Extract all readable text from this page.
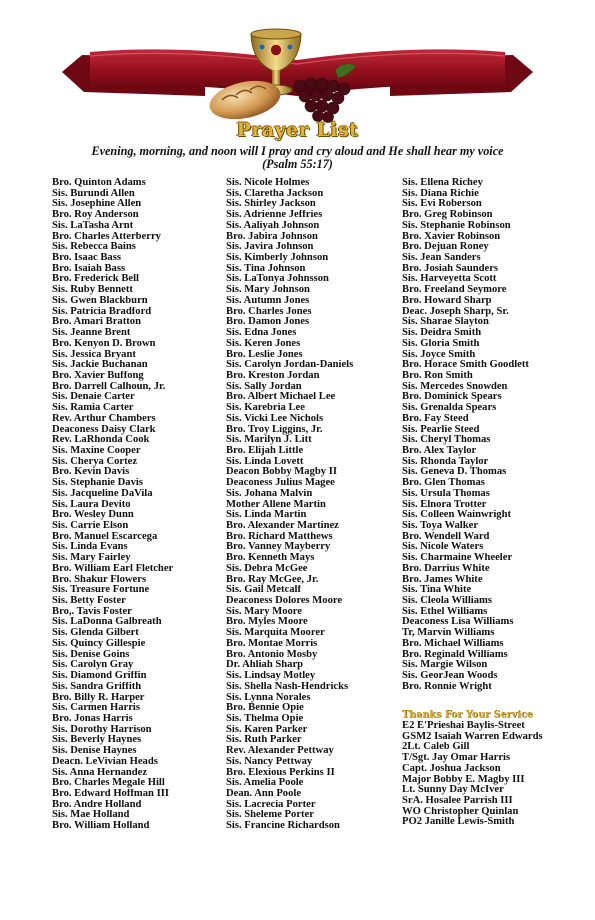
Prayer List
Evening, morning, and noon will I pray and cry aloud and He shall hear my voice
(Psalm 55:17)
Bro. Quinton Adams
Sis. Burundi Allen
Sis. Josephine Allen
Bro. Roy Anderson
Sis. LaTasha Arnt
Bro. Charles Atterberry
Sis. Rebecca Bains
Bro. Isaac Bass
Bro. Isaiah Bass
Bro. Frederick Bell
Sis. Ruby Bennett
Sis. Gwen Blackburn
Sis. Patricia Bradford
Bro. Amari Bratton
Sis. Jeanne Brent
Bro. Kenyon D. Brown
Sis. Jessica Bryant
Sis. Jackie Buchanan
Bro. Xavier Buffong
Bro. Darrell Calhoun, Jr.
Sis. Denaie Carter
Sis. Ramia Carter
Rev. Arthur Chambers
Deaconess Daisy Clark
Rev. LaRhonda Cook
Sis. Maxine Cooper
Sis. Cherya Cortez
Bro. Kevin Davis
Sis. Stephanie Davis
Sis. Jacqueline DaVila
Sis. Laura Devito
Bro. Wesley Dunn
Sis. Carrie Elson
Bro. Manuel Escarcega
Sis. Linda Evans
Sis. Mary Fairley
Bro. William Earl Fletcher
Bro. Shakur Flowers
Sis. Treasure Fortune
Sis. Betty Foster
Bro,. Tavis Foster
Sis. LaDonna Galbreath
Sis. Glenda Gilbert
Sis. Quincy Gillespie
Sis. Denise Goins
Sis. Carolyn Gray
Sis. Diamond Griffin
Sis. Sandra Griffith
Bro. Billy R. Harper
Sis. Carmen Harris
Bro. Jonas Harris
Sis. Dorothy Harrison
Sis. Beverly Haynes
Sis. Denise Haynes
Deacn. LeVivian Heads
Sis. Anna Hernandez
Bro. Charles Megale Hill
Bro. Edward Hoffman III
Bro. Andre Holland
Sis. Mae Holland
Bro. William Holland
Sis. Nicole Holmes
Sis. Claretha Jackson
Sis. Shirley Jackson
Sis. Adrienne Jeffries
Sis. Aaliyah Johnson
Bro. Jabira Johnson
Sis. Javira Johnson
Sis. Kimberly Johnson
Sis. Tina Johnson
Sis. LaTonya Johnsson
Sis. Mary Johnson
Sis. Autumn Jones
Bro. Charles Jones
Bro. Damon Jones
Sis. Edna Jones
Sis. Keren Jones
Bro. Leslie Jones
Sis. Carolyn Jordan-Daniels
Bro. Kreston Jordan
Sis. Sally Jordan
Bro. Albert Michael Lee
Sis. Karebria Lee
Sis. Vicki Lee Nichols
Bro. Troy Liggins, Jr.
Sis. Marilyn J. Litt
Bro. Elijah Little
Sis. Linda Lovett
Deacon Bobby Magby II
Deaconess Julius Magee
Sis. Johana Malvin
Mother Allene Martin
Sis. Linda Martin
Bro. Alexander Martinez
Bro. Richard Matthews
Bro. Vanney Mayberry
Bro. Kenneth Mays
Sis. Debra McGee
Bro. Ray McGee, Jr.
Sis. Gail Metcalf
Deaconess Dolores Moore
Sis. Mary Moore
Bro. Myles Moore
Sis. Marquita Moorer
Bro. Montae Morris
Bro. Antonio Mosby
Dr. Ahliah Sharp
Sis. Lindsay Motley
Sis. Shella Nash-Hendricks
Sis. Lynna Norales
Bro. Bennie Opie
Sis. Thelma Opie
Sis. Karen Parker
Sis. Ruth Parker
Rev. Alexander Pettway
Sis. Nancy Pettway
Bro. Elexious Perkins II
Sis. Amelia Poole
Dean. Ann Poole
Sis. Lacrecia Porter
Sis. Sheleme Porter
Sis. Francine Richardson
Sis. Ellena Richey
Sis. Diana Richie
Sis. Evi Roberson
Bro. Greg Robinson
Sis. Stephanie Robinson
Bro. Xavier Robinson
Bro. Dejuan Roney
Sis. Jean Sanders
Bro. Josiah Saunders
Sis. Harveyetta Scott
Bro. Freeland Seymore
Bro. Howard Sharp
Deac. Joseph Sharp, Sr.
Sis. Sharae Slayton
Sis. Deidra Smith
Sis. Gloria Smith
Sis. Joyce Smith
Bro. Horace Smith Goodlett
Bro. Ron Smith
Sis. Mercedes Snowden
Bro. Dominick Spears
Sis. Grenalda Spears
Bro. Fay Steed
Sis. Pearlie Steed
Sis. Cheryl Thomas
Bro. Alex Taylor
Sis. Rhonda Taylor
Sis. Geneva D. Thomas
Bro. Glen Thomas
Sis. Ursula Thomas
Sis. Elnora Trotter
Sis. Colleen Wainwright
Sis. Toya Walker
Bro. Wendell Ward
Sis. Nicole Waters
Sis. Charmaine Wheeler
Bro. Darrius White
Bro. James White
Sis. Tina White
Sis. Cleola Williams
Sis. Ethel Williams
Deaconess Lisa Williams
Tr, Marvin Williams
Bro. Michael Williams
Bro. Reginald Williams
Sis. Margie Wilson
Sis. GeorJean Woods
Bro. Ronnie Wright
Thanks For Your Service
E2 E'Prieshai Baylis-Street
GSM2 Isaiah Warren Edwards
2Lt. Caleb Gill
T/Sgt. Jay Omar Harris
Capt. Joshua Jackson
Major Bobby E. Magby III
Lt. Sunny Day McIver
SrA. Hosalee Parrish III
WO Christopher Quinlan
PO2 Janille Lewis-Smith
